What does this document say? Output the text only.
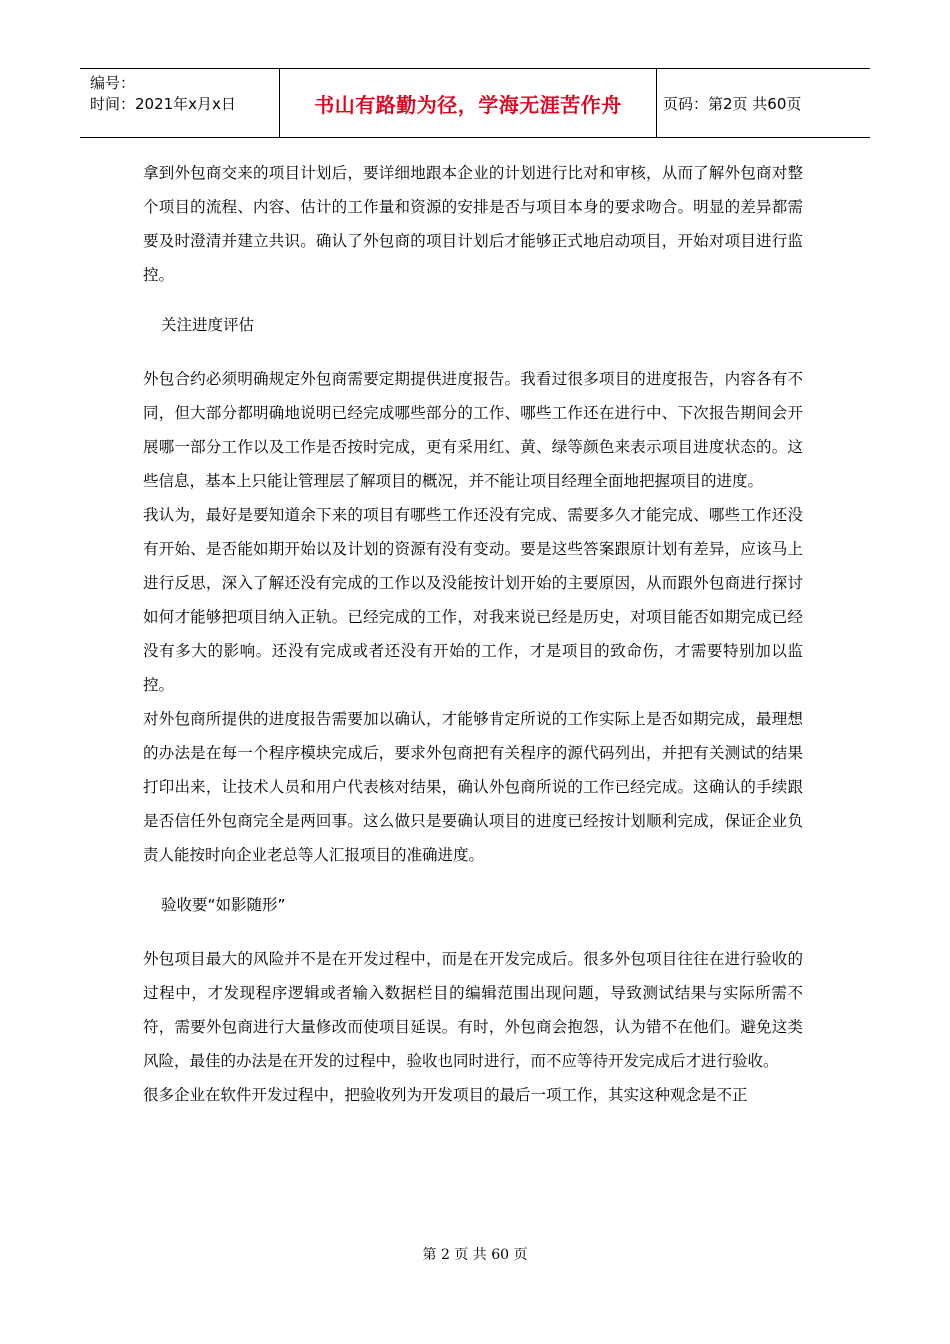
编号：
时间：2021年x月x日	书山有路勤为径，学海无涯苦作舟	页码：第2页 共60页

拿到外包商交来的项目计划后，要详细地跟本企业的计划进行比对和审核，从而了解外包商对整个项目的流程、内容、估计的工作量和资源的安排是否与项目本身的要求吻合。明显的差异都需要及时澄清并建立共识。确认了外包商的项目计划后才能够正式地启动项目，开始对项目进行监控。

关注进度评估

外包合约必须明确规定外包商需要定期提供进度报告。我看过很多项目的进度报告，内容各有不同，但大部分都明确地说明已经完成哪些部分的工作、哪些工作还在进行中、下次报告期间会开展哪一部分工作以及工作是否按时完成，更有采用红、黄、绿等颜色来表示项目进度状态的。这些信息，基本上只能让管理层了解项目的概况，并不能让项目经理全面地把握项目的进度。

我认为，最好是要知道余下来的项目有哪些工作还没有完成、需要多久才能完成、哪些工作还没有开始、是否能如期开始以及计划的资源有没有变动。要是这些答案跟原计划有差异，应该马上进行反思，深入了解还没有完成的工作以及没能按计划开始的主要原因，从而跟外包商进行探讨如何才能够把项目纳入正轨。已经完成的工作，对我来说已经是历史，对项目能否如期完成已经没有多大的影响。还没有完成或者还没有开始的工作，才是项目的致命伤，才需要特别加以监控。

对外包商所提供的进度报告需要加以确认，才能够肯定所说的工作实际上是否如期完成，最理想的办法是在每一个程序模块完成后，要求外包商把有关程序的源代码列出，并把有关测试的结果打印出来，让技术人员和用户代表核对结果，确认外包商所说的工作已经完成。这确认的手续跟是否信任外包商完全是两回事。这么做只是要确认项目的进度已经按计划顺利完成，保证企业负责人能按时向企业老总等人汇报项目的准确进度。

验收要“如影随形”

外包项目最大的风险并不是在开发过程中，而是在开发完成后。很多外包项目往往在进行验收的过程中，才发现程序逻辑或者输入数据栏目的编辑范围出现问题，导致测试结果与实际所需不符，需要外包商进行大量修改而使项目延误。有时，外包商会抱怨，认为错不在他们。避免这类风险，最佳的办法是在开发的过程中，验收也同时进行，而不应等待开发完成后才进行验收。

很多企业在软件开发过程中，把验收列为开发项目的最后一项工作，其实这种观念是不正

第 2 页 共 60 页
